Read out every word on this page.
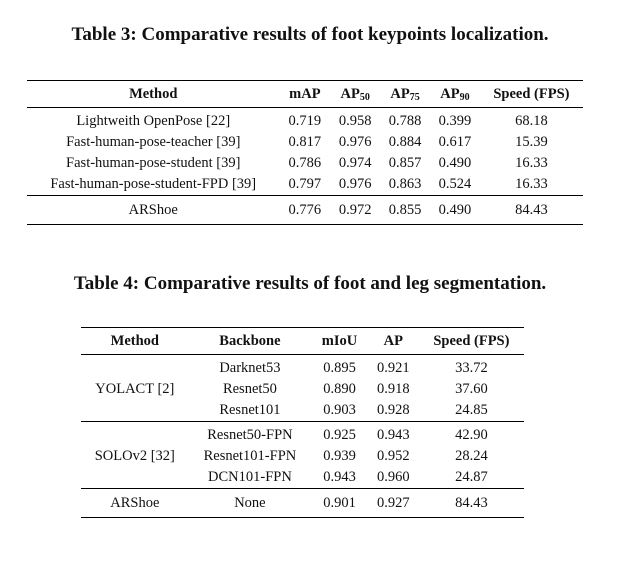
Table 3: Comparative results of foot keypoints localization.
Method	mAP	$AP_{50}$	$AP_{75}$	$AP_{90}$	Speed (FPS)

Lightweith OpenPose [22]	0.719	0.958	0.788	0.399	68.18
Fast-human-pose-teacher [39]	0.817	0.976	0.884	0.617	15.39
Fast-human-pose-student [39]	0.786	0.974	0.857	0.490	16.33
Fast-human-pose-student-FPD [39]	0.797	0.976	0.863	0.524	16.33
ARShoe	0.776	0.972	0.855	0.490	84.43
Table 4: Comparative results of foot and leg segmentation.
Method	Backbone	mIoU	AP	Speed (FPS)

YOLACT [2]	Darknet53	0.895	0.921	33.72
	Resnet50	0.890	0.918	37.60
	Resnet101	0.903	0.928	24.85

SOLOv2 [32]	Resnet50-FPN	0.925	0.943	42.90
	Resnet101-FPN	0.939	0.952	28.24
	DCN101-FPN	0.943	0.960	24.87
ARShoe	None	0.901	0.927	84.43
